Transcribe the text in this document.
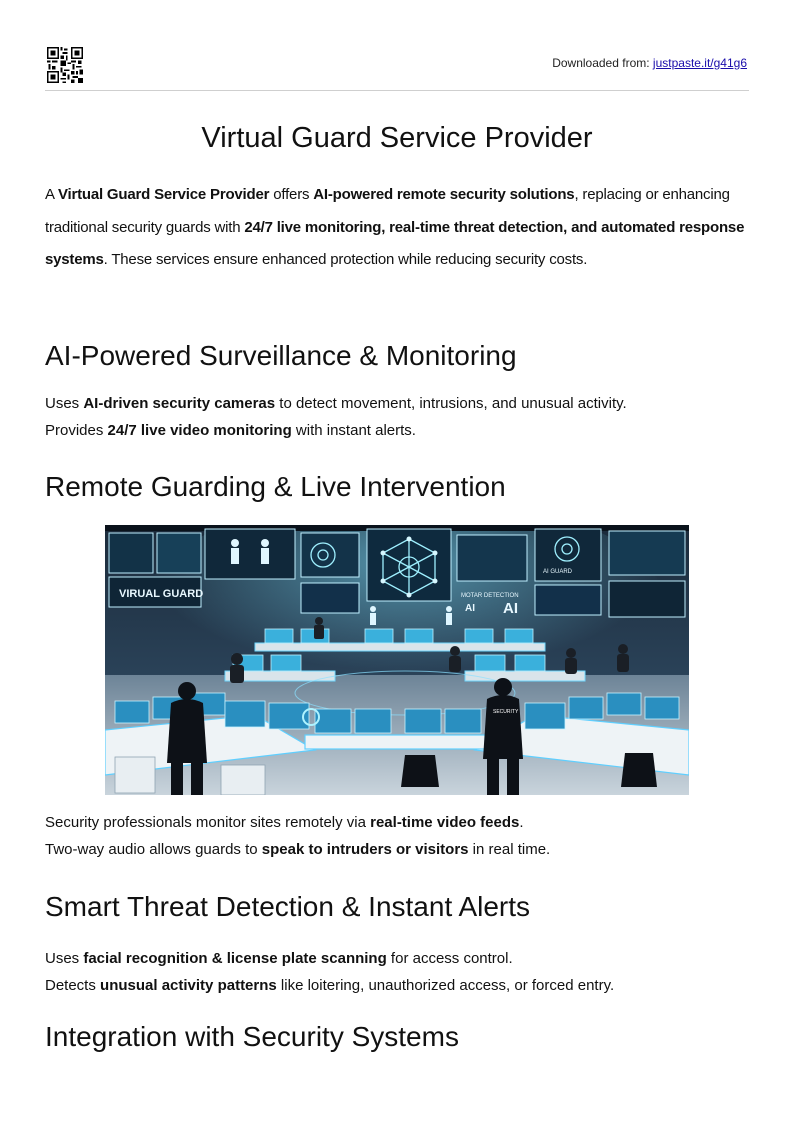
Downloaded from: justpaste.it/g41g6
Virtual Guard Service Provider

A Virtual Guard Service Provider offers AI-powered remote security solutions, replacing or enhancing traditional security guards with 24/7 live monitoring, real-time threat detection, and automated response systems. These services ensure enhanced protection while reducing security costs.

AI-Powered Surveillance & Monitoring

Uses AI-driven security cameras to detect movement, intrusions, and unusual activity.
Provides 24/7 live video monitoring with instant alerts.

Remote Guarding & Live Intervention
VIRUAL GUARD	MOTAR DETECTION
AI AI
AI GUARD
SECURITY

Security professionals monitor sites remotely via real-time video feeds.
Two-way audio allows guards to speak to intruders or visitors in real time.

Smart Threat Detection & Instant Alerts

Uses facial recognition & license plate scanning for access control.
Detects unusual activity patterns like loitering, unauthorized access, or forced entry.

Integration with Security Systems
